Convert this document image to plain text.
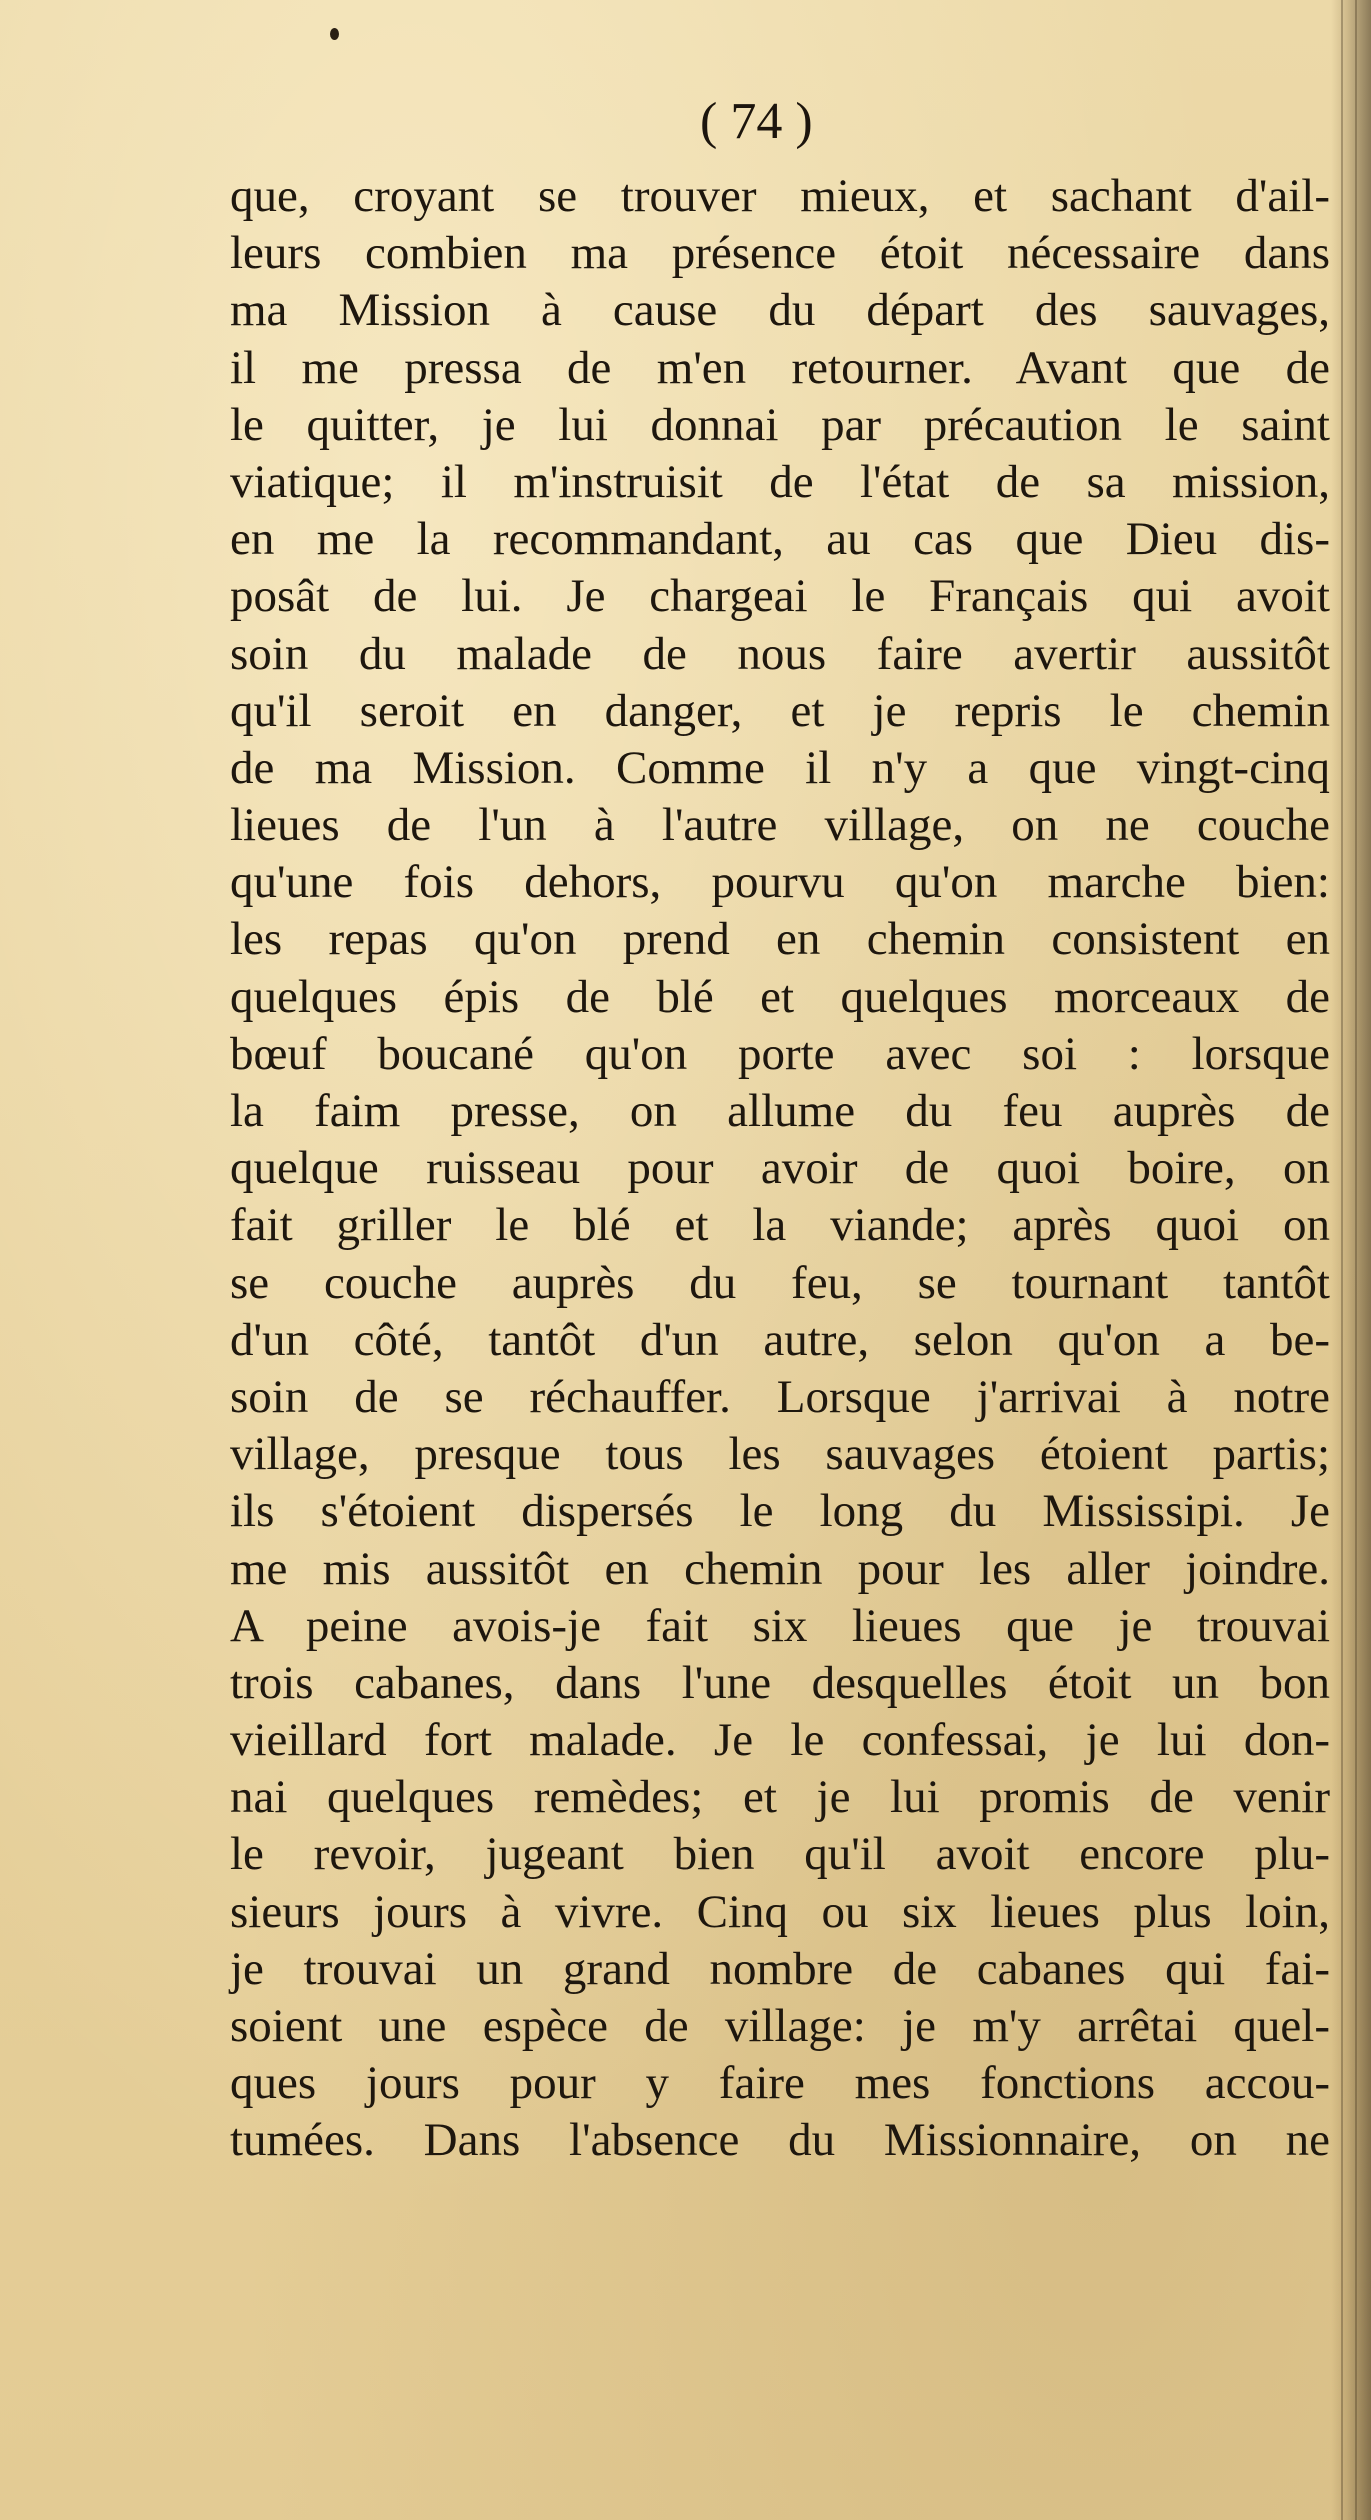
( 74 )
que, croyant se trouver mieux, et sachant d'ail-
leurs combien ma présence étoit nécessaire dans
ma Mission à cause du départ des sauvages,
il me pressa de m'en retourner. Avant que de
le quitter, je lui donnai par précaution le saint
viatique; il m'instruisit de l'état de sa mission,
en me la recommandant, au cas que Dieu dis-
posât de lui. Je chargeai le Français qui avoit
soin du malade de nous faire avertir aussitôt
qu'il seroit en danger, et je repris le chemin
de ma Mission. Comme il n'y a que vingt-cinq
lieues de l'un à l'autre village, on ne couche
qu'une fois dehors, pourvu qu'on marche bien:
les repas qu'on prend en chemin consistent en
quelques épis de blé et quelques morceaux de
bœuf boucané qu'on porte avec soi : lorsque
la faim presse, on allume du feu auprès de
quelque ruisseau pour avoir de quoi boire, on
fait griller le blé et la viande; après quoi on
se couche auprès du feu, se tournant tantôt
d'un côté, tantôt d'un autre, selon qu'on a be-
soin de se réchauffer. Lorsque j'arrivai à notre
village, presque tous les sauvages étoient partis;
ils s'étoient dispersés le long du Mississipi. Je
me mis aussitôt en chemin pour les aller joindre.
A peine avois-je fait six lieues que je trouvai
trois cabanes, dans l'une desquelles étoit un bon
vieillard fort malade. Je le confessai, je lui don-
nai quelques remèdes; et je lui promis de venir
le revoir, jugeant bien qu'il avoit encore plu-
sieurs jours à vivre. Cinq ou six lieues plus loin,
je trouvai un grand nombre de cabanes qui fai-
soient une espèce de village: je m'y arrêtai quel-
ques jours pour y faire mes fonctions accou-
tumées. Dans l'absence du Missionnaire, on ne
